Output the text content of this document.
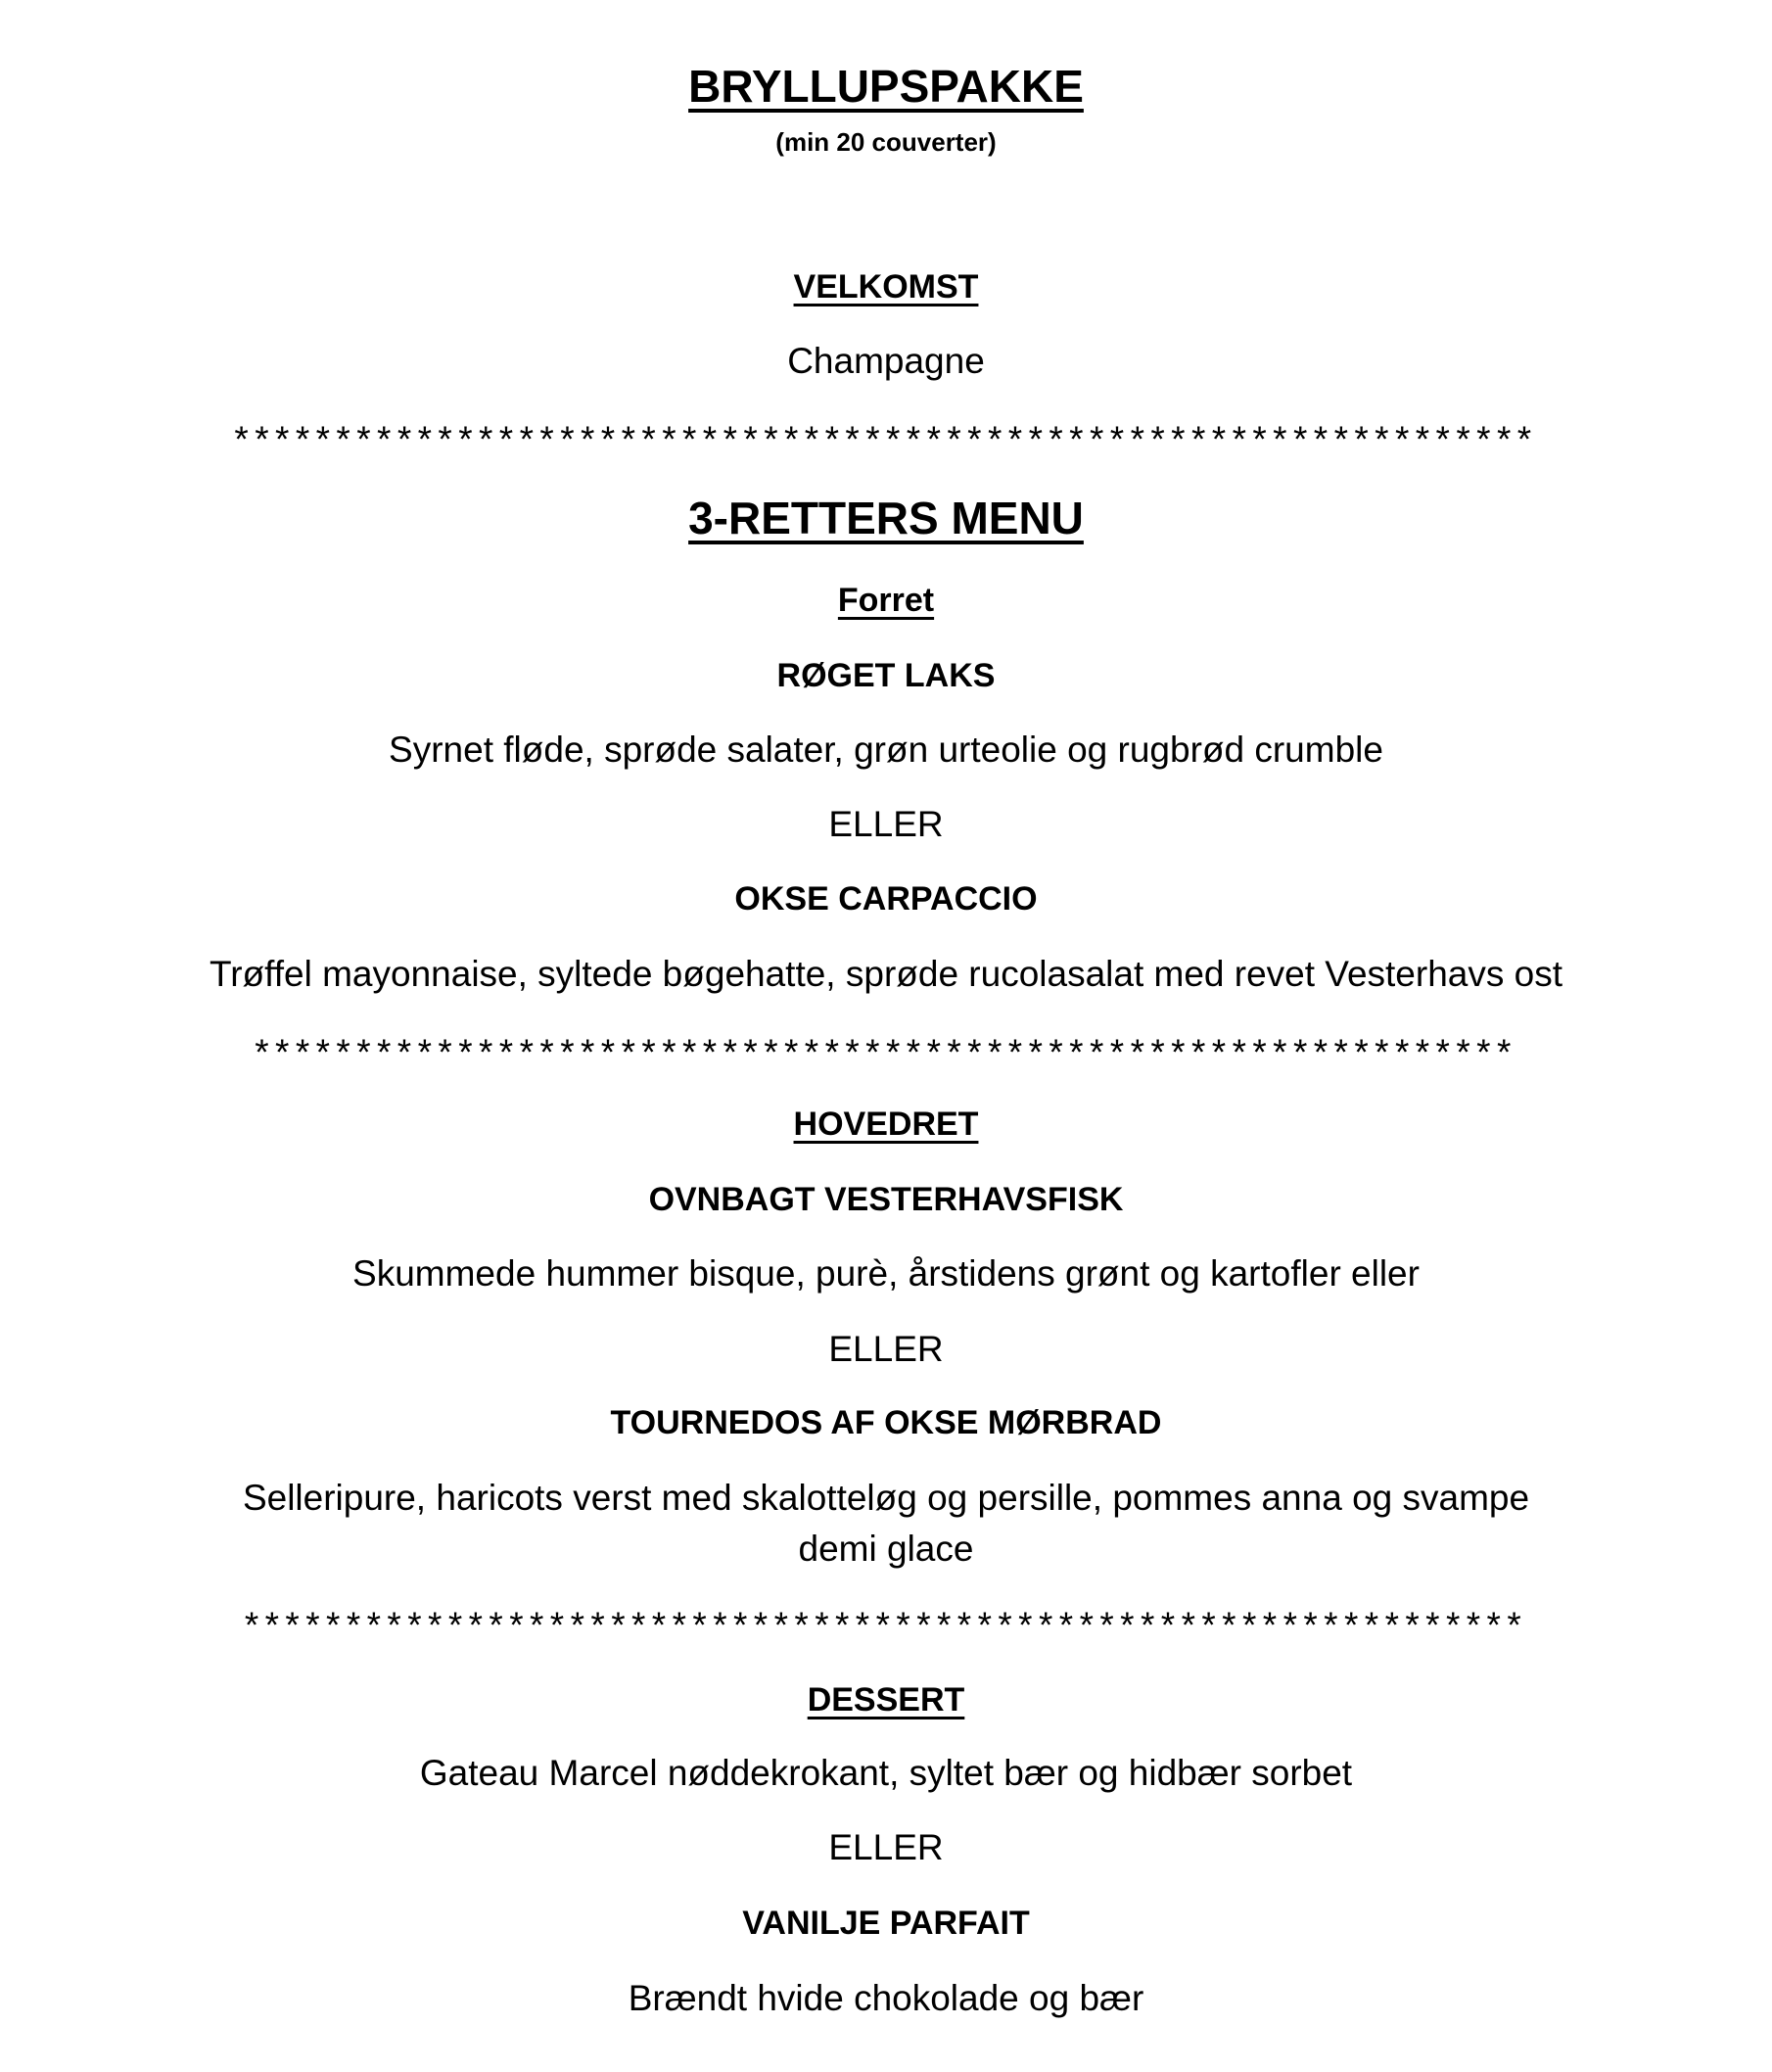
BRYLLUPSPAKKE
(min 20 couverter)
VELKOMST
Champagne
****************************************************************
3-RETTERS MENU
Forret
RØGET LAKS
Syrnet fløde, sprøde salater, grøn urteolie og rugbrød crumble
ELLER
OKSE CARPACCIO
Trøffel mayonnaise, syltede bøgehatte, sprøde rucolasalat med revet Vesterhavs ost
**************************************************************
HOVEDRET
OVNBAGT VESTERHAVSFISK
Skummede hummer bisque, purè, årstidens grønt og kartofler eller
ELLER
TOURNEDOS AF OKSE MØRBRAD
Selleripure, haricots verst med skalotteløg og persille, pommes anna og svampe
demi glace
***************************************************************
DESSERT
Gateau Marcel nøddekrokant, syltet bær og hidbær sorbet
ELLER
VANILJE PARFAIT
Brændt hvide chokolade og bær
